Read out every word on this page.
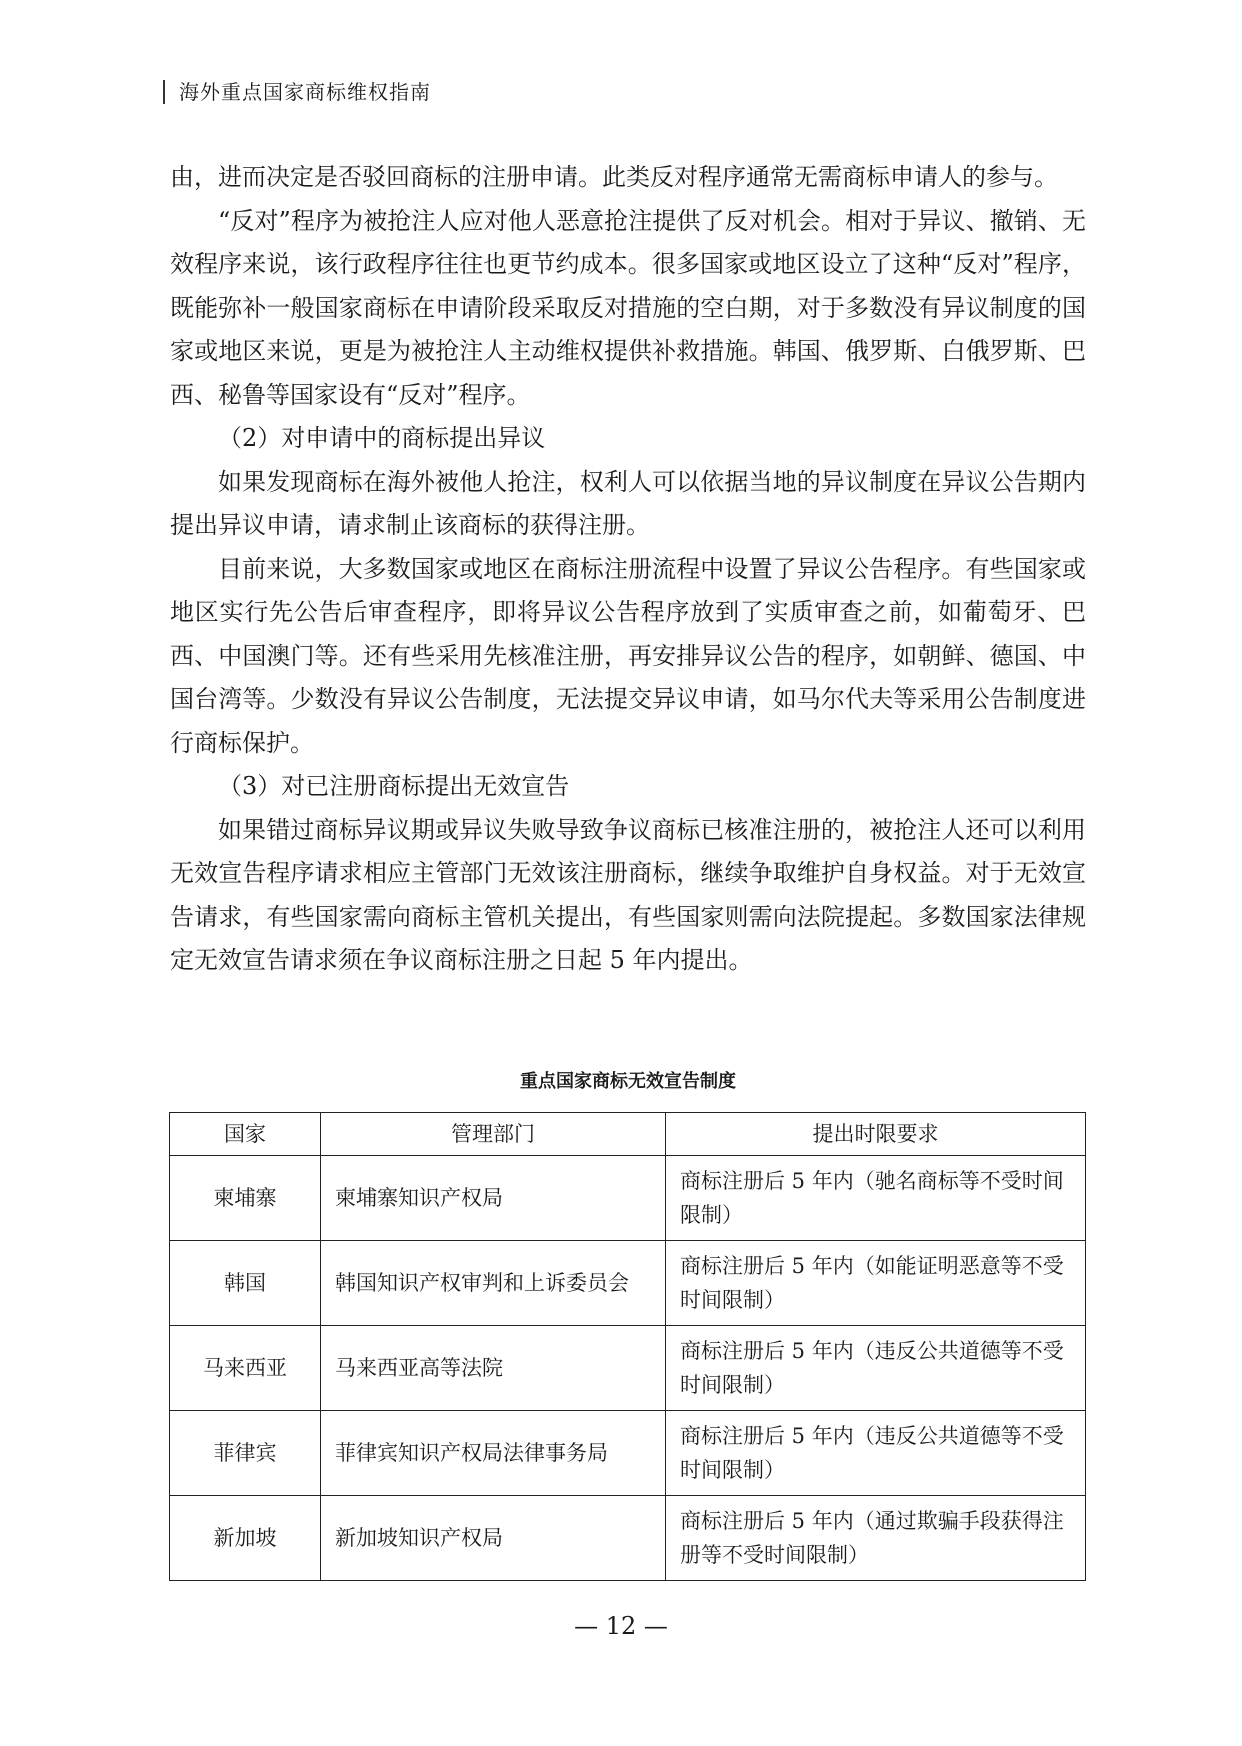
海外重点国家商标维权指南

由，进而决定是否驳回商标的注册申请。此类反对程序通常无需商标申请人的参与。

“反对”程序为被抢注人应对他人恶意抢注提供了反对机会。相对于异议、撤销、无效程序来说，该行政程序往往也更节约成本。很多国家或地区设立了这种“反对”程序，既能弥补一般国家商标在申请阶段采取反对措施的空白期，对于多数没有异议制度的国家或地区来说，更是为被抢注人主动维权提供补救措施。韩国、俄罗斯、白俄罗斯、巴西、秘鲁等国家设有“反对”程序。

（2）对申请中的商标提出异议

如果发现商标在海外被他人抢注，权利人可以依据当地的异议制度在异议公告期内提出异议申请，请求制止该商标的获得注册。

目前来说，大多数国家或地区在商标注册流程中设置了异议公告程序。有些国家或地区实行先公告后审查程序，即将异议公告程序放到了实质审查之前，如葡萄牙、巴西、中国澳门等。还有些采用先核准注册，再安排异议公告的程序，如朝鲜、德国、中国台湾等。少数没有异议公告制度，无法提交异议申请，如马尔代夫等采用公告制度进行商标保护。

（3）对已注册商标提出无效宣告

如果错过商标异议期或异议失败导致争议商标已核准注册的，被抢注人还可以利用无效宣告程序请求相应主管部门无效该注册商标，继续争取维护自身权益。对于无效宣告请求，有些国家需向商标主管机关提出，有些国家则需向法院提起。多数国家法律规定无效宣告请求须在争议商标注册之日起 5 年内提出。

重点国家商标无效宣告制度
国家	管理部门	提出时限要求
柬埔寨	柬埔寨知识产权局	商标注册后 5 年内（驰名商标等不受时间限制）
韩国	韩国知识产权审判和上诉委员会	商标注册后 5 年内（如能证明恶意等不受时间限制）
马来西亚	马来西亚高等法院	商标注册后 5 年内（违反公共道德等不受时间限制）
菲律宾	菲律宾知识产权局法律事务局	商标注册后 5 年内（违反公共道德等不受时间限制）
新加坡	新加坡知识产权局	商标注册后 5 年内（通过欺骗手段获得注册等不受时间限制）
— 12 —
